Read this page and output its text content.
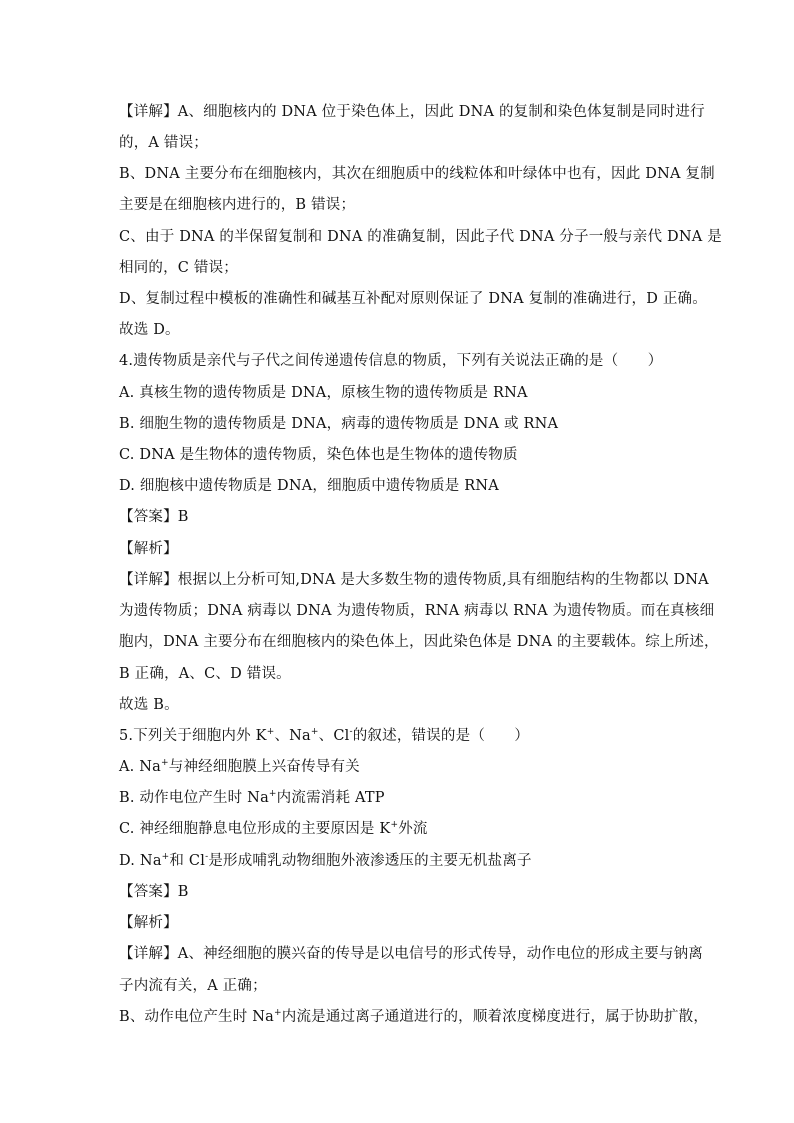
【详解】A、细胞核内的 DNA 位于染色体上，因此 DNA 的复制和染色体复制是同时进行
的，A 错误；
B、DNA 主要分布在细胞核内，其次在细胞质中的线粒体和叶绿体中也有，因此 DNA 复制
主要是在细胞核内进行的，B 错误；
C、由于 DNA 的半保留复制和 DNA 的准确复制，因此子代 DNA 分子一般与亲代 DNA 是
相同的，C 错误；
D、复制过程中模板的准确性和碱基互补配对原则保证了 DNA 复制的准确进行，D 正确。
故选 D。
4.遗传物质是亲代与子代之间传递遗传信息的物质，下列有关说法正确的是（　　）
A. 真核生物的遗传物质是 DNA，原核生物的遗传物质是 RNA
B. 细胞生物的遗传物质是 DNA，病毒的遗传物质是 DNA 或 RNA
C. DNA 是生物体的遗传物质，染色体也是生物体的遗传物质
D. 细胞核中遗传物质是 DNA，细胞质中遗传物质是 RNA
【答案】B
【解析】
【详解】根据以上分析可知,DNA 是大多数生物的遗传物质,具有细胞结构的生物都以 DNA
为遗传物质；DNA 病毒以 DNA 为遗传物质，RNA 病毒以 RNA 为遗传物质。而在真核细
胞内，DNA 主要分布在细胞核内的染色体上，因此染色体是 DNA 的主要载体。综上所述，
B 正确，A、C、D 错误。
故选 B。
5.下列关于细胞内外 K+、Na+、Cl-的叙述，错误的是（　　）
A. Na+与神经细胞膜上兴奋传导有关
B. 动作电位产生时 Na+内流需消耗 ATP
C. 神经细胞静息电位形成的主要原因是 K+外流
D. Na+和 Cl-是形成哺乳动物细胞外液渗透压的主要无机盐离子
【答案】B
【解析】
【详解】A、神经细胞的膜兴奋的传导是以电信号的形式传导，动作电位的形成主要与钠离
子内流有关，A 正确；
B、动作电位产生时 Na+内流是通过离子通道进行的，顺着浓度梯度进行，属于协助扩散，
